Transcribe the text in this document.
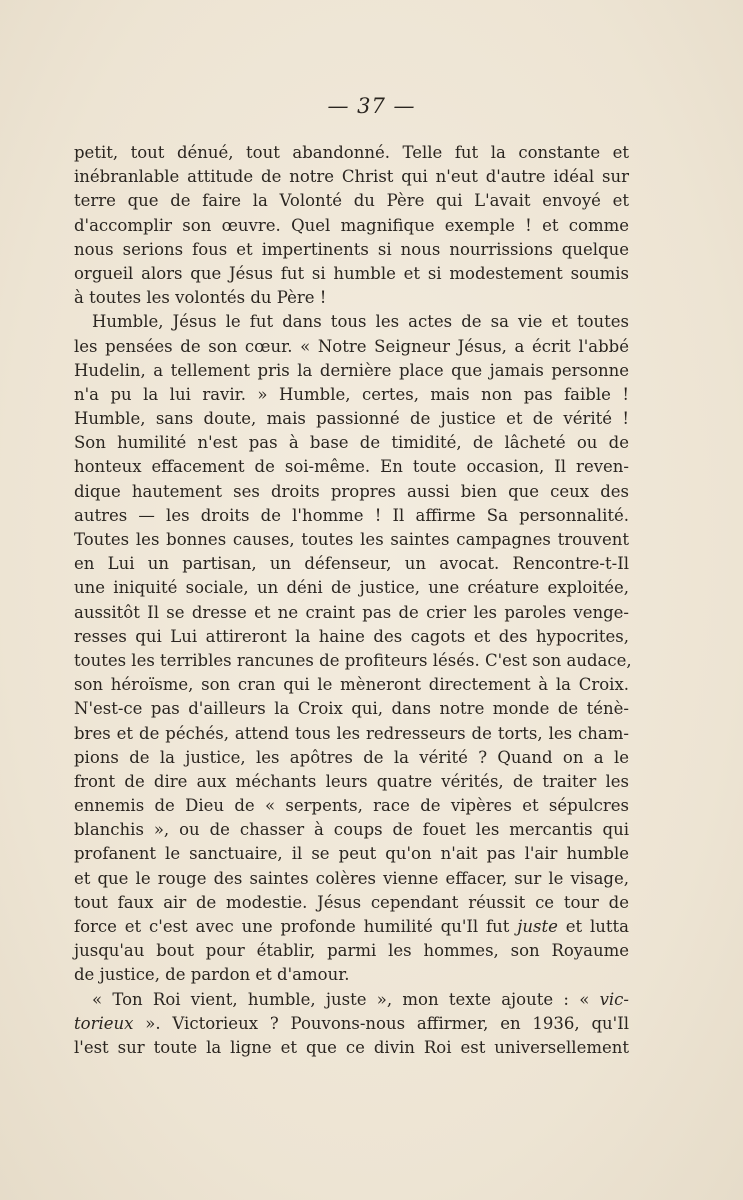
— 37 —
petit, tout dénué, tout abandonné. Telle fut la constante et
inébranlable attitude de notre Christ qui n'eut d'autre idéal sur
terre que de faire la Volonté du Père qui L'avait envoyé et
d'accomplir son œuvre. Quel magnifique exemple ! et comme
nous serions fous et impertinents si nous nourrissions quelque
orgueil alors que Jésus fut si humble et si modestement soumis
à toutes les volontés du Père !
Humble, Jésus le fut dans tous les actes de sa vie et toutes
les pensées de son cœur. « Notre Seigneur Jésus, a écrit l'abbé
Hudelin, a tellement pris la dernière place que jamais personne
n'a pu la lui ravir. » Humble, certes, mais non pas faible !
Humble, sans doute, mais passionné de justice et de vérité !
Son humilité n'est pas à base de timidité, de lâcheté ou de
honteux effacement de soi-même. En toute occasion, Il reven-
dique hautement ses droits propres aussi bien que ceux des
autres — les droits de l'homme ! Il affirme Sa personnalité.
Toutes les bonnes causes, toutes les saintes campagnes trouvent
en Lui un partisan, un défenseur, un avocat. Rencontre-t-Il
une iniquité sociale, un déni de justice, une créature exploitée,
aussitôt Il se dresse et ne craint pas de crier les paroles venge-
resses qui Lui attireront la haine des cagots et des hypocrites,
toutes les terribles rancunes de profiteurs lésés. C'est son audace,
son héroïsme, son cran qui le mèneront directement à la Croix.
N'est-ce pas d'ailleurs la Croix qui, dans notre monde de ténè-
bres et de péchés, attend tous les redresseurs de torts, les cham-
pions de la justice, les apôtres de la vérité ? Quand on a le
front de dire aux méchants leurs quatre vérités, de traiter les
ennemis de Dieu de « serpents, race de vipères et sépulcres
blanchis », ou de chasser à coups de fouet les mercantis qui
profanent le sanctuaire, il se peut qu'on n'ait pas l'air humble
et que le rouge des saintes colères vienne effacer, sur le visage,
tout faux air de modestie. Jésus cependant réussit ce tour de
force et c'est avec une profonde humilité qu'Il fut juste et lutta
jusqu'au bout pour établir, parmi les hommes, son Royaume
de justice, de pardon et d'amour.
« Ton Roi vient, humble, juste », mon texte ajoute : « vic-
torieux ». Victorieux ? Pouvons-nous affirmer, en 1936, qu'Il
l'est sur toute la ligne et que ce divin Roi est universellement
